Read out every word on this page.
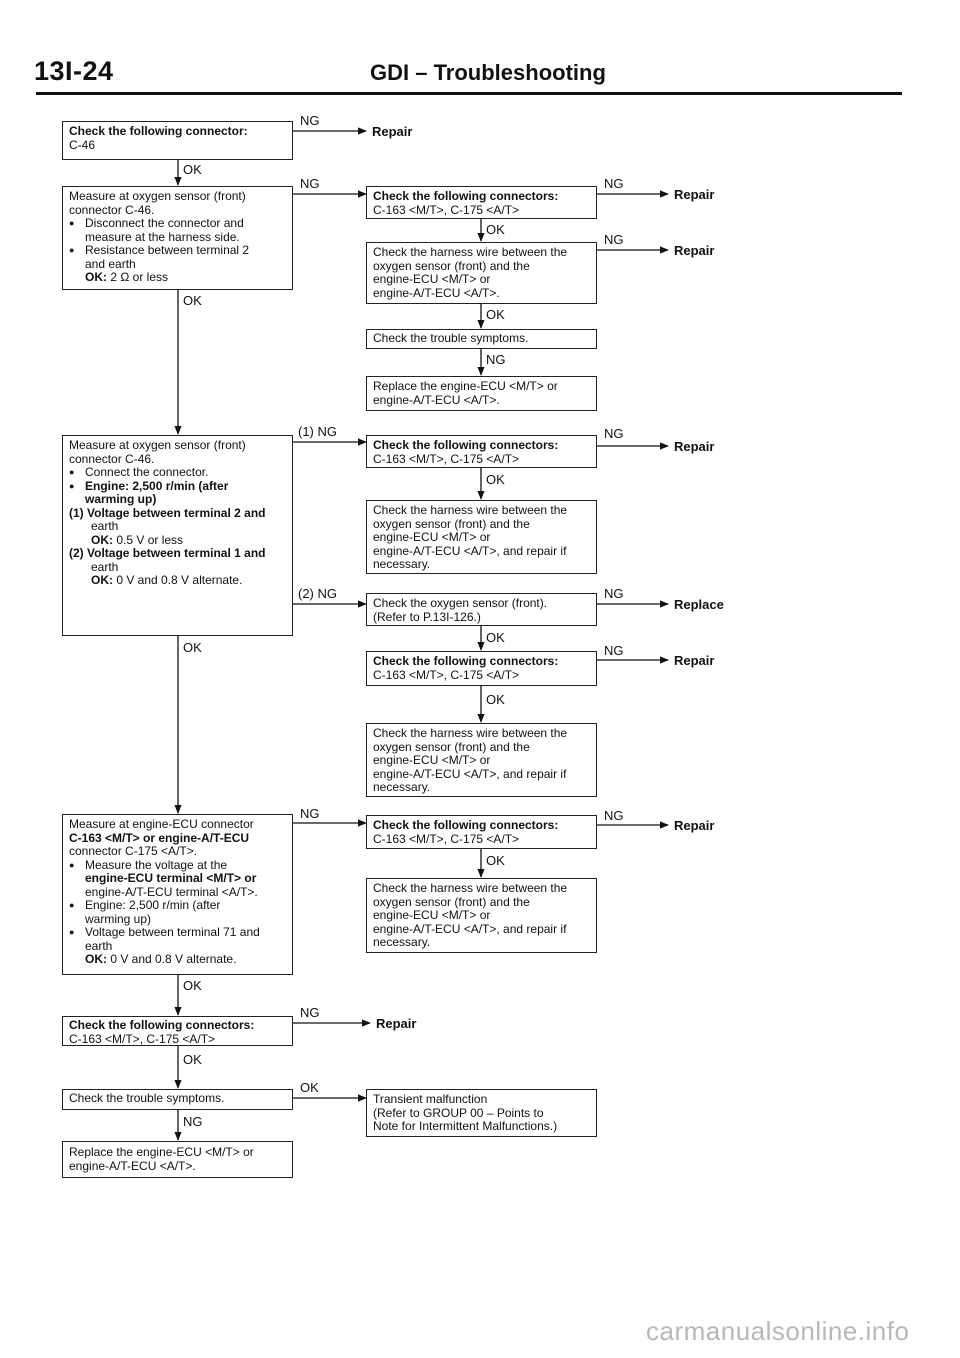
13I-24	GDI – Troubleshooting

Check the following connector:

C-46

Measure at oxygen sensor (front)

connector C-46.

● Disconnect the connector and

measure at the harness side.

● Resistance between terminal 2

and earth

OK: 2 Ω or less

Check the following connectors:

C-163 <M/T>, C-175 <A/T>

Check the harness wire between the

oxygen sensor (front) and the

engine-ECU <M/T> or

engine-A/T-ECU <A/T>.

Check the trouble symptoms.

Replace the engine-ECU <M/T> or

engine-A/T-ECU <A/T>.

Measure at oxygen sensor (front)

connector C-46.

● Connect the connector.

● Engine: 2,500 r/min (after

warming up)

(1) Voltage between terminal 2 and

earth

OK: 0.5 V or less

(2) Voltage between terminal 1 and

earth

OK: 0 V and 0.8 V alternate.

Check the following connectors:

C-163 <M/T>, C-175 <A/T>

Check the harness wire between the

oxygen sensor (front) and the

engine-ECU <M/T> or

engine-A/T-ECU <A/T>, and repair if

necessary.

Check the oxygen sensor (front).

(Refer to P.13I-126.)

Check the following connectors:

C-163 <M/T>, C-175 <A/T>

Check the harness wire between the

oxygen sensor (front) and the

engine-ECU <M/T> or

engine-A/T-ECU <A/T>, and repair if

necessary.

Measure at engine-ECU connector

C-163 <M/T> or engine-A/T-ECU

connector C-175 <A/T>.

● Measure the voltage at the

engine-ECU terminal <M/T> or

engine-A/T-ECU terminal <A/T>.

● Engine: 2,500 r/min (after

warming up)

● Voltage between terminal 71 and

earth

OK: 0 V and 0.8 V alternate.

Check the following connectors:

C-163 <M/T>, C-175 <A/T>

Check the harness wire between the

oxygen sensor (front) and the

engine-ECU <M/T> or

engine-A/T-ECU <A/T>, and repair if

necessary.

Check the following connectors:

C-163 <M/T>, C-175 <A/T>

Check the trouble symptoms.	Transient malfunction

(Refer to GROUP 00 – Points to

Note for Intermittent Malfunctions.)

Replace the engine-ECU <M/T> or

engine-A/T-ECU <A/T>.

OK
OK
OK
OK
OK
NG
NG
NG
(1) NG
(2) NG
NG
NG
OK
OK
OK
NG
OK
OK
OK
OK
NG
NG
NG
NG
NG
NG
Repair
Repair
Repair
Repair
Replace
Repair
Repair
Repair
carmanualsonline.info
